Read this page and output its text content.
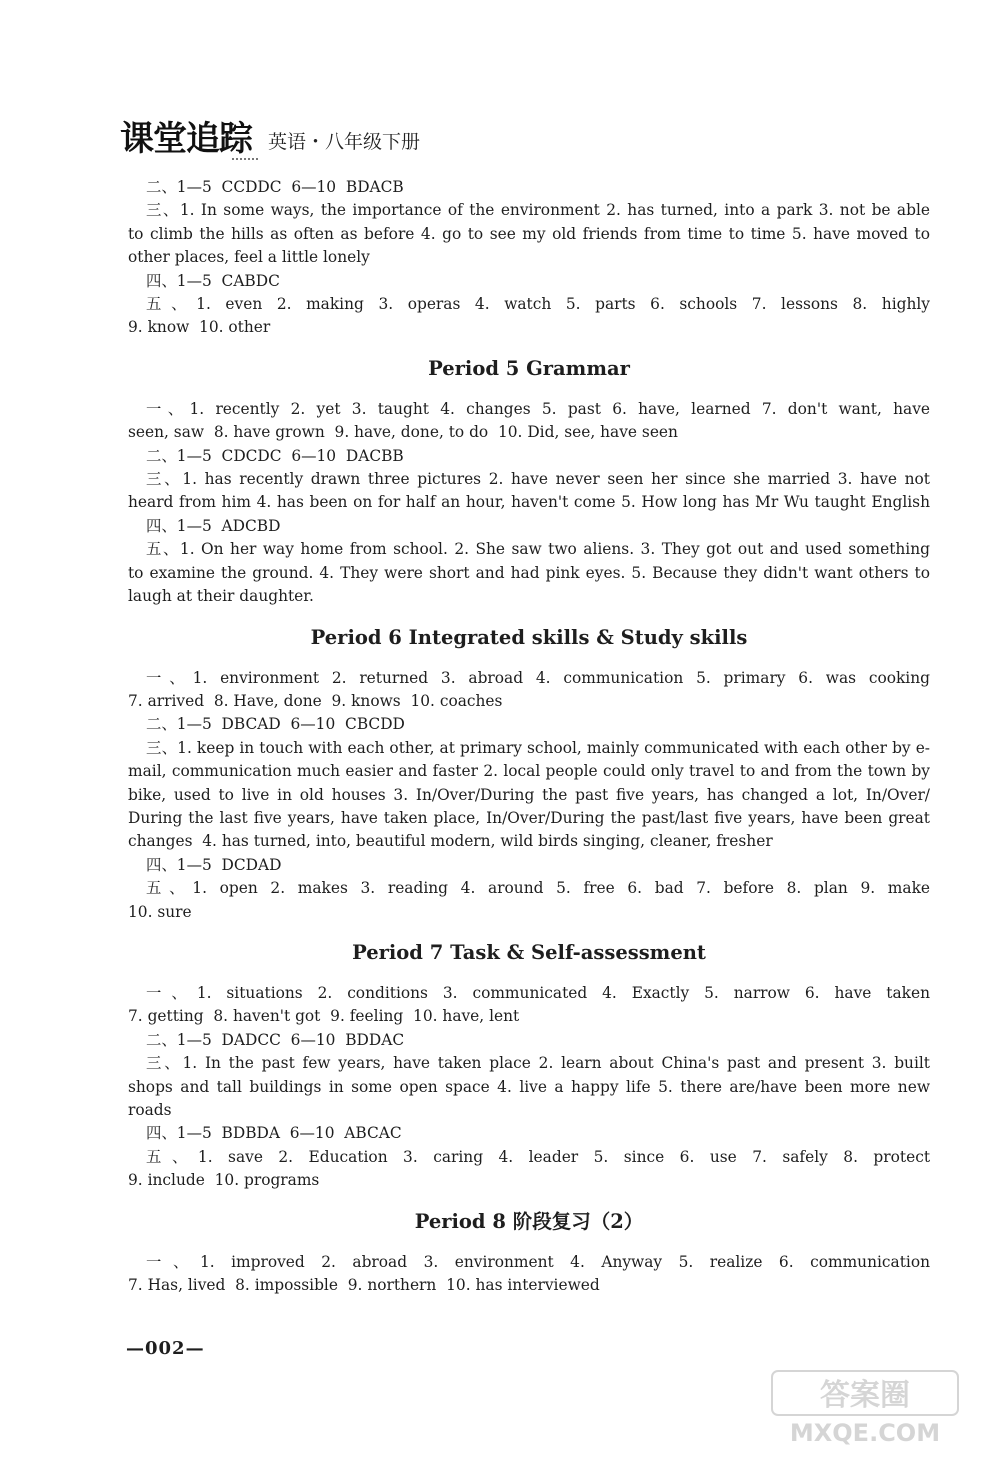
课堂追踪 英语・八年级下册
二、1—5  CCDDC  6—10  BDACB
三、1. In some ways, the importance of the environment 2. has turned, into a park 3. not be able
to climb the hills as often as before 4. go to see my old friends from time to time 5. have moved to
other places, feel a little lonely
四、1—5  CABDC
五、1. even 2. making 3. operas 4. watch 5. parts 6. schools 7. lessons 8. highly
9. know  10. other
Period 5 Grammar
一、1. recently 2. yet 3. taught 4. changes 5. past 6. have, learned 7. don't want, have
seen, saw  8. have grown  9. have, done, to do  10. Did, see, have seen
二、1—5  CDCDC  6—10  DACBB
三、1. has recently drawn three pictures 2. have never seen her since she married 3. have not
heard from him 4. has been on for half an hour, haven't come 5. How long has Mr Wu taught English
四、1—5  ADCBD
五、1. On her way home from school. 2. She saw two aliens. 3. They got out and used something
to examine the ground. 4. They were short and had pink eyes. 5. Because they didn't want others to
laugh at their daughter.
Period 6 Integrated skills & Study skills
一、1. environment 2. returned 3. abroad 4. communication 5. primary 6. was cooking
7. arrived  8. Have, done  9. knows  10. coaches
二、1—5  DBCAD  6—10  CBCDD
三、1. keep in touch with each other, at primary school, mainly communicated with each other by e-
mail, communication much easier and faster 2. local people could only travel to and from the town by
bike, used to live in old houses 3. In/Over/During the past five years, has changed a lot, In/Over/
During the last five years, have taken place, In/Over/During the past/last five years, have been great
changes  4. has turned, into, beautiful modern, wild birds singing, cleaner, fresher
四、1—5  DCDAD
五、1. open 2. makes 3. reading 4. around 5. free 6. bad 7. before 8. plan 9. make
10. sure
Period 7 Task & Self-assessment
一、1. situations 2. conditions 3. communicated 4. Exactly 5. narrow 6. have taken
7. getting  8. haven't got  9. feeling  10. have, lent
二、1—5  DADCC  6—10  BDDAC
三、1. In the past few years, have taken place 2. learn about China's past and present 3. built
shops and tall buildings in some open space 4. live a happy life 5. there are/have been more new roads
四、1—5  BDBDA  6—10  ABCAC
五、1. save 2. Education 3. caring 4. leader 5. since 6. use 7. safely 8. protect
9. include  10. programs
Period 8 阶段复习（2）
一、1. improved 2. abroad 3. environment 4. Anyway 5. realize 6. communication
7. Has, lived  8. impossible  9. northern  10. has interviewed
—002—
答案圈
MXQE.COM
